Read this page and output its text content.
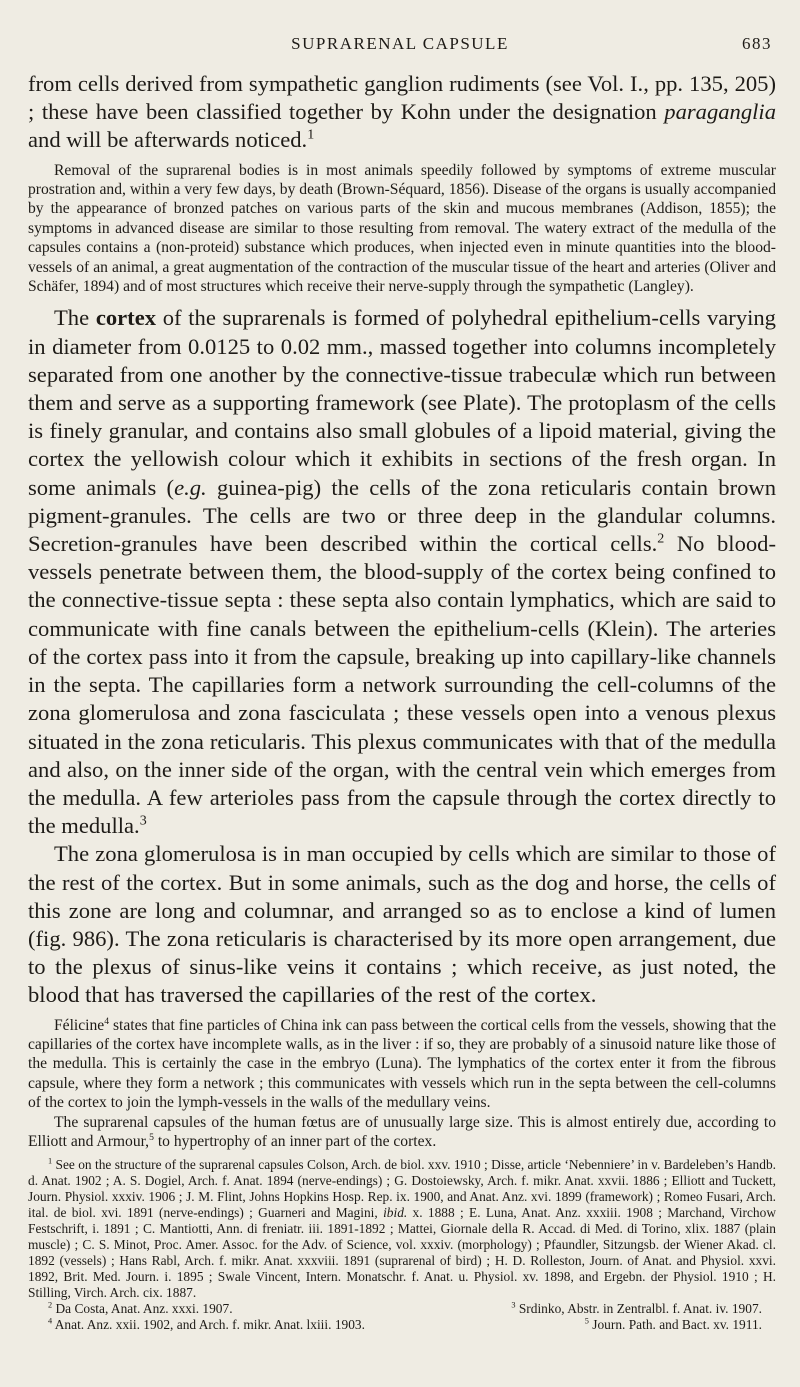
SUPRARENAL CAPSULE	683

from cells derived from sympathetic ganglion rudiments (see Vol. I., pp. 135, 205) ; these have been classified together by Kohn under the designation paraganglia and will be afterwards noticed.$^1$

Removal of the suprarenal bodies is in most animals speedily followed by symptoms of extreme muscular prostration and, within a very few days, by death (Brown-Séquard, 1856). Disease of the organs is usually accompanied by the appearance of bronzed patches on various parts of the skin and mucous membranes (Addison, 1855); the symptoms in advanced disease are similar to those resulting from removal. The watery extract of the medulla of the capsules contains a (non-proteid) substance which produces, when injected even in minute quantities into the blood-vessels of an animal, a great augmentation of the contraction of the muscular tissue of the heart and arteries (Oliver and Schäfer, 1894) and of most structures which receive their nerve-supply through the sympathetic (Langley).

The cortex of the suprarenals is formed of polyhedral epithelium-cells varying in diameter from 0.0125 to 0.02 mm., massed together into columns incompletely separated from one another by the connective-tissue trabeculæ which run between them and serve as a supporting framework (see Plate). The protoplasm of the cells is finely granular, and contains also small globules of a lipoid material, giving the cortex the yellowish colour which it exhibits in sections of the fresh organ. In some animals (e.g. guinea-pig) the cells of the zona reticularis contain brown pigment-granules. The cells are two or three deep in the glandular columns. Secretion-granules have been described within the cortical cells.$^2$ No blood-vessels penetrate between them, the blood-supply of the cortex being confined to the connective-tissue septa : these septa also contain lymphatics, which are said to communicate with fine canals between the epithelium-cells (Klein). The arteries of the cortex pass into it from the capsule, breaking up into capillary-like channels in the septa. The capillaries form a network surrounding the cell-columns of the zona glomerulosa and zona fasciculata ; these vessels open into a venous plexus situated in the zona reticularis. This plexus communicates with that of the medulla and also, on the inner side of the organ, with the central vein which emerges from the medulla. A few arterioles pass from the capsule through the cortex directly to the medulla.$^3$

The zona glomerulosa is in man occupied by cells which are similar to those of the rest of the cortex. But in some animals, such as the dog and horse, the cells of this zone are long and columnar, and arranged so as to enclose a kind of lumen (fig. 986). The zona reticularis is characterised by its more open arrangement, due to the plexus of sinus-like veins it contains ; which receive, as just noted, the blood that has traversed the capillaries of the rest of the cortex.

Félicine$^4$ states that fine particles of China ink can pass between the cortical cells from the vessels, showing that the capillaries of the cortex have incomplete walls, as in the liver : if so, they are probably of a sinusoid nature like those of the medulla. This is certainly the case in the embryo (Luna). The lymphatics of the cortex enter it from the fibrous capsule, where they form a network ; this communicates with vessels which run in the septa between the cell-columns of the cortex to join the lymph-vessels in the walls of the medullary veins.

The suprarenal capsules of the human fœtus are of unusually large size. This is almost entirely due, according to Elliott and Armour,$^5$ to hypertrophy of an inner part of the cortex.

$^1$ See on the structure of the suprarenal capsules Colson, Arch. de biol. xxv. 1910 ; Disse, article ‘Nebenniere’ in v. Bardeleben’s Handb. d. Anat. 1902 ; A. S. Dogiel, Arch. f. Anat. 1894 (nerve-endings) ; G. Dostoiewsky, Arch. f. mikr. Anat. xxvii. 1886 ; Elliott and Tuckett, Journ. Physiol. xxxiv. 1906 ; J. M. Flint, Johns Hopkins Hosp. Rep. ix. 1900, and Anat. Anz. xvi. 1899 (framework) ; Romeo Fusari, Arch. ital. de biol. xvi. 1891 (nerve-endings) ; Guarneri and Magini, ibid. x. 1888 ; E. Luna, Anat. Anz. xxxiii. 1908 ; Marchand, Virchow Festschrift, i. 1891 ; C. Mantiotti, Ann. di freniatr. iii. 1891-1892 ; Mattei, Giornale della R. Accad. di Med. di Torino, xlix. 1887 (plain muscle) ; C. S. Minot, Proc. Amer. Assoc. for the Adv. of Science, vol. xxxiv. (morphology) ; Pfaundler, Sitzungsb. der Wiener Akad. cl. 1892 (vessels) ; Hans Rabl, Arch. f. mikr. Anat. xxxviii. 1891 (suprarenal of bird) ; H. D. Rolleston, Journ. of Anat. and Physiol. xxvi. 1892, Brit. Med. Journ. i. 1895 ; Swale Vincent, Intern. Monatschr. f. Anat. u. Physiol. xv. 1898, and Ergebn. der Physiol. 1910 ; H. Stilling, Virch. Arch. cix. 1887.

$^2$ Da Costa, Anat. Anz. xxxi. 1907.	$^3$ Srdinko, Abstr. in Zentralbl. f. Anat. iv. 1907.

$^4$ Anat. Anz. xxii. 1902, and Arch. f. mikr. Anat. lxiii. 1903.	$^5$ Journ. Path. and Bact. xv. 1911.
